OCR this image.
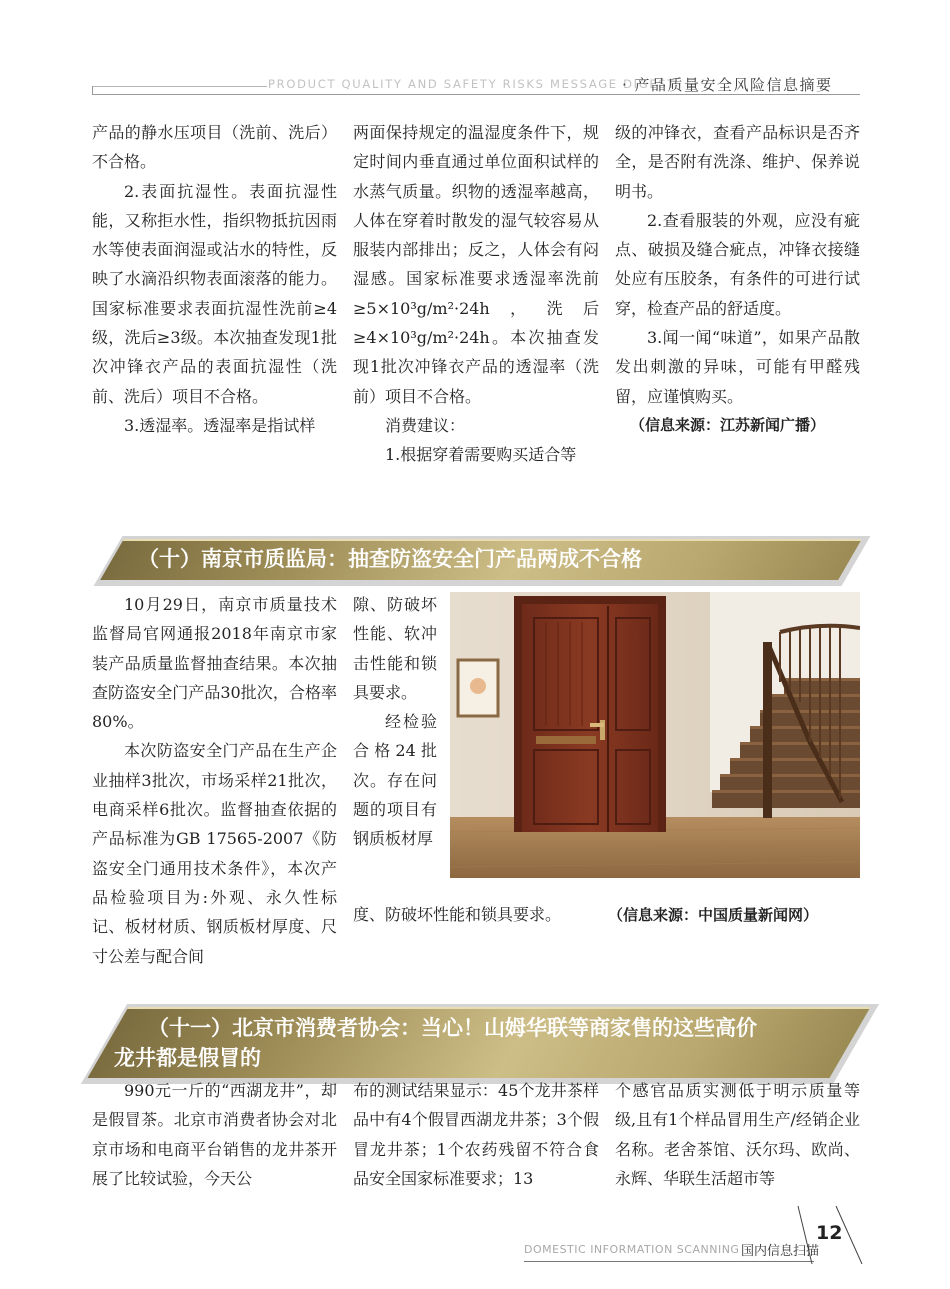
PRODUCT QUALITY AND SAFETY RISKS MESSAGE DIGEST
· 产品质量安全风险信息摘要

产品的静水压项目（洗前、洗后）不合格。

2.表面抗湿性。表面抗湿性能，又称拒水性，指织物抵抗因雨水等使表面润湿或沾水的特性，反映了水滴沿织物表面滚落的能力。国家标准要求表面抗湿性洗前≥4级，洗后≥3级。本次抽查发现1批次冲锋衣产品的表面抗湿性（洗前、洗后）项目不合格。

3.透湿率。透湿率是指试样

两面保持规定的温湿度条件下，规定时间内垂直通过单位面积试样的水蒸气质量。织物的透湿率越高，人体在穿着时散发的湿气较容易从服装内部排出；反之，人体会有闷湿感。国家标准要求透湿率洗前≥5×10³g/m²·24h，洗后≥4×10³g/m²·24h。本次抽查发现1批次冲锋衣产品的透湿率（洗前）项目不合格。

消费建议：

1.根据穿着需要购买适合等

级的冲锋衣，查看产品标识是否齐全，是否附有洗涤、维护、保养说明书。

2.查看服装的外观，应没有疵点、破损及缝合疵点，冲锋衣接缝处应有压胶条，有条件的可进行试穿，检查产品的舒适度。

3.闻一闻“味道”，如果产品散发出刺激的异味，可能有甲醛残留，应谨慎购买。

（信息来源：江苏新闻广播）

（十）南京市质监局：抽查防盗安全门产品两成不合格

10月29日，南京市质量技术监督局官网通报2018年南京市家装产品质量监督抽查结果。本次抽查防盗安全门产品30批次，合格率80%。

本次防盗安全门产品在生产企业抽样3批次，市场采样21批次，电商采样6批次。监督抽查依据的产品标准为GB 17565-2007《防盗安全门通用技术条件》，本次产品检验项目为:外观、永久性标记、板材材质、钢质板材厚度、尺寸公差与配合间

隙、防破坏性能、软冲击性能和锁具要求。

经检验合格24批次。存在问题的项目有钢质板材厚

度、防破坏性能和锁具要求。	（信息来源：中国质量新闻网）
（十一）北京市消费者协会：当心！山姆华联等商家售的这些高价
龙井都是假冒的

990元一斤的“西湖龙井”，却是假冒茶。北京市消费者协会对北京市场和电商平台销售的龙井茶开展了比较试验，今天公

布的测试结果显示：45个龙井茶样品中有4个假冒西湖龙井茶；3个假冒龙井茶；1个农药残留不符合食品安全国家标准要求；13

个感官品质实测低于明示质量等级,且有1个样品冒用生产/经销企业名称。老舍茶馆、沃尔玛、欧尚、永辉、华联生活超市等

DOMESTIC INFORMATION SCANNING 国内信息扫描
12
